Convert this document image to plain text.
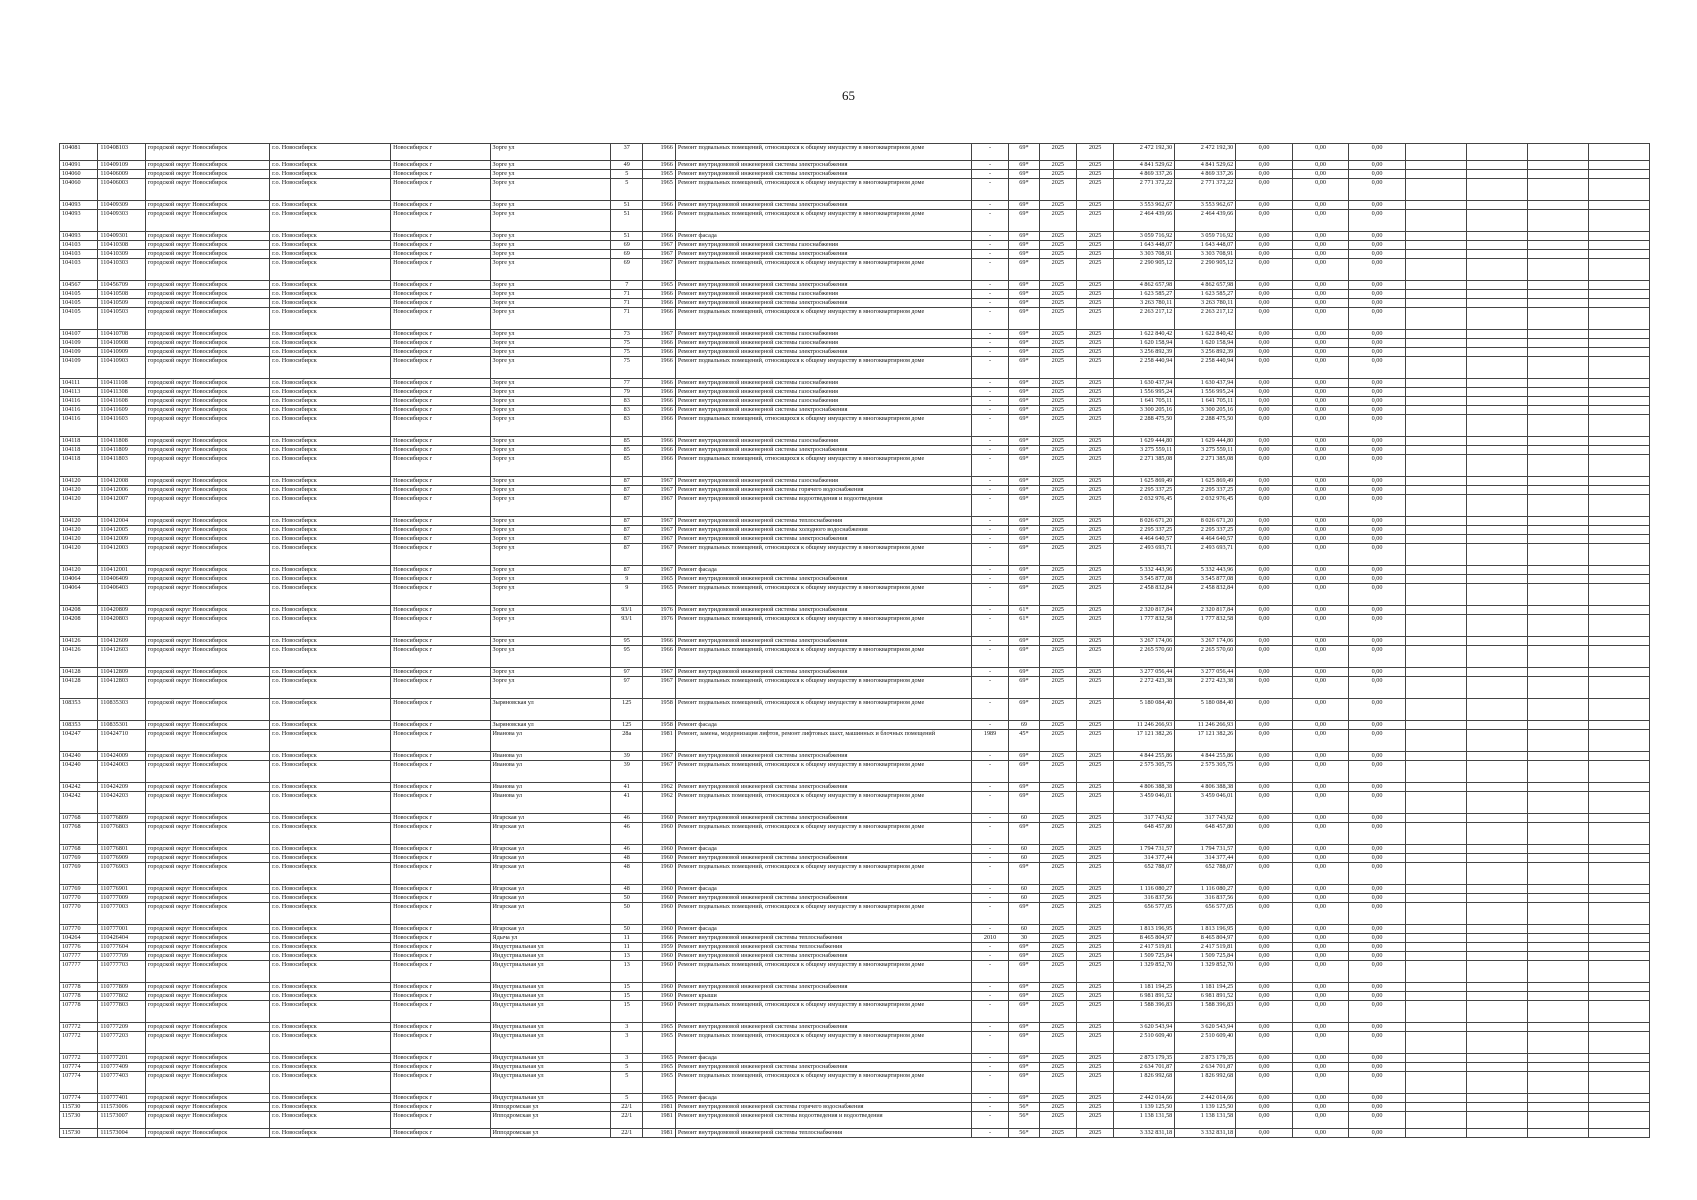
65
104081	110408103	городской округ Новосибирск	г.о. Новосибирск	Новосибирск г	Зорге ул	37	1966	Ремонт подвальных помещений, относящихся к общему имуществу в многоквартирном доме	-	69*	2025	2025	2 472 192,30	2 472 192,30	0,00	0,00	0,00				
104091	110409109	городской округ Новосибирск	г.о. Новосибирск	Новосибирск г	Зорге ул	49	1966	Ремонт внутридомовой инженерной системы электроснабжения	-	69*	2025	2025	4 841 529,62	4 841 529,62	0,00	0,00	0,00				
104060	110406009	городской округ Новосибирск	г.о. Новосибирск	Новосибирск г	Зорге ул	5	1965	Ремонт внутридомовой инженерной системы электроснабжения	-	69*	2025	2025	4 869 337,26	4 869 337,26	0,00	0,00	0,00				
104060	110406003	городской округ Новосибирск	г.о. Новосибирск	Новосибирск г	Зорге ул	5	1965	Ремонт подвальных помещений, относящихся к общему имуществу в многоквартирном доме	-	69*	2025	2025	2 771 372,22	2 771 372,22	0,00	0,00	0,00				
104093	110409309	городской округ Новосибирск	г.о. Новосибирск	Новосибирск г	Зорге ул	51	1966	Ремонт внутридомовой инженерной системы электроснабжения	-	69*	2025	2025	3 553 962,67	3 553 962,67	0,00	0,00	0,00				
104093	110409303	городской округ Новосибирск	г.о. Новосибирск	Новосибирск г	Зорге ул	51	1966	Ремонт подвальных помещений, относящихся к общему имуществу в многоквартирном доме	-	69*	2025	2025	2 464 439,66	2 464 439,66	0,00	0,00	0,00				
104093	110409301	городской округ Новосибирск	г.о. Новосибирск	Новосибирск г	Зорге ул	51	1966	Ремонт фасада	-	69*	2025	2025	3 059 716,92	3 059 716,92	0,00	0,00	0,00				
104103	110410308	городской округ Новосибирск	г.о. Новосибирск	Новосибирск г	Зорге ул	69	1967	Ремонт внутридомовой инженерной системы газоснабжения	-	69*	2025	2025	1 643 448,07	1 643 448,07	0,00	0,00	0,00				
104103	110410309	городской округ Новосибирск	г.о. Новосибирск	Новосибирск г	Зорге ул	69	1967	Ремонт внутридомовой инженерной системы электроснабжения	-	69*	2025	2025	3 303 708,91	3 303 708,91	0,00	0,00	0,00				
104103	110410303	городской округ Новосибирск	г.о. Новосибирск	Новосибирск г	Зорге ул	69	1967	Ремонт подвальных помещений, относящихся к общему имуществу в многоквартирном доме	-	69*	2025	2025	2 290 905,12	2 290 905,12	0,00	0,00	0,00				
104567	110456709	городской округ Новосибирск	г.о. Новосибирск	Новосибирск г	Зорге ул	7	1965	Ремонт внутридомовой инженерной системы электроснабжения	-	69*	2025	2025	4 862 657,98	4 862 657,98	0,00	0,00	0,00				
104105	110410508	городской округ Новосибирск	г.о. Новосибирск	Новосибирск г	Зорге ул	71	1966	Ремонт внутридомовой инженерной системы газоснабжения	-	69*	2025	2025	1 623 585,27	1 623 585,27	0,00	0,00	0,00				
104105	110410509	городской округ Новосибирск	г.о. Новосибирск	Новосибирск г	Зорге ул	71	1966	Ремонт внутридомовой инженерной системы электроснабжения	-	69*	2025	2025	3 263 780,11	3 263 780,11	0,00	0,00	0,00				
104105	110410503	городской округ Новосибирск	г.о. Новосибирск	Новосибирск г	Зорге ул	71	1966	Ремонт подвальных помещений, относящихся к общему имуществу в многоквартирном доме	-	69*	2025	2025	2 263 217,12	2 263 217,12	0,00	0,00	0,00				
104107	110410708	городской округ Новосибирск	г.о. Новосибирск	Новосибирск г	Зорге ул	73	1967	Ремонт внутридомовой инженерной системы газоснабжения	-	69*	2025	2025	1 622 840,42	1 622 840,42	0,00	0,00	0,00				
104109	110410908	городской округ Новосибирск	г.о. Новосибирск	Новосибирск г	Зорге ул	75	1966	Ремонт внутридомовой инженерной системы газоснабжения	-	69*	2025	2025	1 620 158,94	1 620 158,94	0,00	0,00	0,00				
104109	110410909	городской округ Новосибирск	г.о. Новосибирск	Новосибирск г	Зорге ул	75	1966	Ремонт внутридомовой инженерной системы электроснабжения	-	69*	2025	2025	3 256 892,39	3 256 892,39	0,00	0,00	0,00				
104109	110410903	городской округ Новосибирск	г.о. Новосибирск	Новосибирск г	Зорге ул	75	1966	Ремонт подвальных помещений, относящихся к общему имуществу в многоквартирном доме	-	69*	2025	2025	2 258 440,94	2 258 440,94	0,00	0,00	0,00				
104111	110411108	городской округ Новосибирск	г.о. Новосибирск	Новосибирск г	Зорге ул	77	1966	Ремонт внутридомовой инженерной системы газоснабжения	-	69*	2025	2025	1 630 437,94	1 630 437,94	0,00	0,00	0,00				
104113	110411308	городской округ Новосибирск	г.о. Новосибирск	Новосибирск г	Зорге ул	79	1966	Ремонт внутридомовой инженерной системы газоснабжения	-	69*	2025	2025	1 556 995,24	1 556 995,24	0,00	0,00	0,00				
104116	110411608	городской округ Новосибирск	г.о. Новосибирск	Новосибирск г	Зорге ул	83	1966	Ремонт внутридомовой инженерной системы газоснабжения	-	69*	2025	2025	1 641 705,11	1 641 705,11	0,00	0,00	0,00				
104116	110411609	городской округ Новосибирск	г.о. Новосибирск	Новосибирск г	Зорге ул	83	1966	Ремонт внутридомовой инженерной системы электроснабжения	-	69*	2025	2025	3 300 205,16	3 300 205,16	0,00	0,00	0,00				
104116	110411603	городской округ Новосибирск	г.о. Новосибирск	Новосибирск г	Зорге ул	83	1966	Ремонт подвальных помещений, относящихся к общему имуществу в многоквартирном доме	-	69*	2025	2025	2 288 475,50	2 288 475,50	0,00	0,00	0,00				
104118	110411808	городской округ Новосибирск	г.о. Новосибирск	Новосибирск г	Зорге ул	85	1966	Ремонт внутридомовой инженерной системы газоснабжения	-	69*	2025	2025	1 629 444,80	1 629 444,80	0,00	0,00	0,00				
104118	110411809	городской округ Новосибирск	г.о. Новосибирск	Новосибирск г	Зорге ул	85	1966	Ремонт внутридомовой инженерной системы электроснабжения	-	69*	2025	2025	3 275 559,11	3 275 559,11	0,00	0,00	0,00				
104118	110411803	городской округ Новосибирск	г.о. Новосибирск	Новосибирск г	Зорге ул	85	1966	Ремонт подвальных помещений, относящихся к общему имуществу в многоквартирном доме	-	69*	2025	2025	2 271 385,08	2 271 385,08	0,00	0,00	0,00				
104120	110412008	городской округ Новосибирск	г.о. Новосибирск	Новосибирск г	Зорге ул	87	1967	Ремонт внутридомовой инженерной системы газоснабжения	-	69*	2025	2025	1 625 869,49	1 625 869,49	0,00	0,00	0,00				
104120	110412006	городской округ Новосибирск	г.о. Новосибирск	Новосибирск г	Зорге ул	87	1967	Ремонт внутридомовой инженерной системы горячего водоснабжения	-	69*	2025	2025	2 295 337,25	2 295 337,25	0,00	0,00	0,00				
104120	110412007	городской округ Новосибирск	г.о. Новосибирск	Новосибирск г	Зорге ул	87	1967	Ремонт внутридомовой инженерной системы водоотведения и водоотведения	-	69*	2025	2025	2 032 976,45	2 032 976,45	0,00	0,00	0,00				
104120	110412004	городской округ Новосибирск	г.о. Новосибирск	Новосибирск г	Зорге ул	87	1967	Ремонт внутридомовой инженерной системы теплоснабжения	-	69*	2025	2025	8 026 671,20	8 026 671,20	0,00	0,00	0,00				
104120	110412005	городской округ Новосибирск	г.о. Новосибирск	Новосибирск г	Зорге ул	87	1967	Ремонт внутридомовой инженерной системы холодного водоснабжения	-	69*	2025	2025	2 295 337,25	2 295 337,25	0,00	0,00	0,00				
104120	110412009	городской округ Новосибирск	г.о. Новосибирск	Новосибирск г	Зорге ул	87	1967	Ремонт внутридомовой инженерной системы электроснабжения	-	69*	2025	2025	4 464 640,57	4 464 640,57	0,00	0,00	0,00				
104120	110412003	городской округ Новосибирск	г.о. Новосибирск	Новосибирск г	Зорге ул	87	1967	Ремонт подвальных помещений, относящихся к общему имуществу в многоквартирном доме	-	69*	2025	2025	2 493 693,71	2 493 693,71	0,00	0,00	0,00				
104120	110412001	городской округ Новосибирск	г.о. Новосибирск	Новосибирск г	Зорге ул	87	1967	Ремонт фасада	-	69*	2025	2025	5 332 443,96	5 332 443,96	0,00	0,00	0,00				
104064	110406409	городской округ Новосибирск	г.о. Новосибирск	Новосибирск г	Зорге ул	9	1965	Ремонт внутридомовой инженерной системы электроснабжения	-	69*	2025	2025	3 545 877,08	3 545 877,08	0,00	0,00	0,00				
104064	110406403	городской округ Новосибирск	г.о. Новосибирск	Новосибирск г	Зорге ул	9	1965	Ремонт подвальных помещений, относящихся к общему имуществу в многоквартирном доме	-	69*	2025	2025	2 458 832,84	2 458 832,84	0,00	0,00	0,00				
104208	110420809	городской округ Новосибирск	г.о. Новосибирск	Новосибирск г	Зорге ул	93/1	1976	Ремонт внутридомовой инженерной системы электроснабжения	-	61*	2025	2025	2 320 817,84	2 320 817,84	0,00	0,00	0,00				
104208	110420803	городской округ Новосибирск	г.о. Новосибирск	Новосибирск г	Зорге ул	93/1	1976	Ремонт подвальных помещений, относящихся к общему имуществу в многоквартирном доме	-	61*	2025	2025	1 777 832,58	1 777 832,58	0,00	0,00	0,00				
104126	110412609	городской округ Новосибирск	г.о. Новосибирск	Новосибирск г	Зорге ул	95	1966	Ремонт внутридомовой инженерной системы электроснабжения	-	69*	2025	2025	3 267 174,06	3 267 174,06	0,00	0,00	0,00				
104126	110412603	городской округ Новосибирск	г.о. Новосибирск	Новосибирск г	Зорге ул	95	1966	Ремонт подвальных помещений, относящихся к общему имуществу в многоквартирном доме	-	69*	2025	2025	2 265 570,60	2 265 570,60	0,00	0,00	0,00				
104128	110412809	городской округ Новосибирск	г.о. Новосибирск	Новосибирск г	Зорге ул	97	1967	Ремонт внутридомовой инженерной системы электроснабжения	-	69*	2025	2025	3 277 056,44	3 277 056,44	0,00	0,00	0,00				
104128	110412803	городской округ Новосибирск	г.о. Новосибирск	Новосибирск г	Зорге ул	97	1967	Ремонт подвальных помещений, относящихся к общему имуществу в многоквартирном доме	-	69*	2025	2025	2 272 423,38	2 272 423,38	0,00	0,00	0,00				
108353	110835303	городской округ Новосибирск	г.о. Новосибирск	Новосибирск г	Зыряновская ул	125	1958	Ремонт подвальных помещений, относящихся к общему имуществу в многоквартирном доме	-	69*	2025	2025	5 180 084,40	5 180 084,40	0,00	0,00	0,00				
108353	110835301	городской округ Новосибирск	г.о. Новосибирск	Новосибирск г	Зыряновская ул	125	1958	Ремонт фасада	-	69	2025	2025	11 246 266,93	11 246 266,93	0,00	0,00	0,00				
104247	110424710	городской округ Новосибирск	г.о. Новосибирск	Новосибирск г	Иванова ул	28а	1981	Ремонт, замена, модернизация лифтов, ремонт лифтовых шахт, машинных и блочных помещений	1989	45*	2025	2025	17 121 382,26	17 121 382,26	0,00	0,00	0,00				
104240	110424009	городской округ Новосибирск	г.о. Новосибирск	Новосибирск г	Иванова ул	39	1967	Ремонт внутридомовой инженерной системы электроснабжения	-	69*	2025	2025	4 844 255,86	4 844 255,86	0,00	0,00	0,00				
104240	110424003	городской округ Новосибирск	г.о. Новосибирск	Новосибирск г	Иванова ул	39	1967	Ремонт подвальных помещений, относящихся к общему имуществу в многоквартирном доме	-	69*	2025	2025	2 575 305,75	2 575 305,75	0,00	0,00	0,00				
104242	110424209	городской округ Новосибирск	г.о. Новосибирск	Новосибирск г	Иванова ул	41	1962	Ремонт внутридомовой инженерной системы электроснабжения	-	69*	2025	2025	4 806 388,38	4 806 388,38	0,00	0,00	0,00				
104242	110424203	городской округ Новосибирск	г.о. Новосибирск	Новосибирск г	Иванова ул	41	1962	Ремонт подвальных помещений, относящихся к общему имуществу в многоквартирном доме	-	69*	2025	2025	3 459 046,01	3 459 046,01	0,00	0,00	0,00				
107768	110776809	городской округ Новосибирск	г.о. Новосибирск	Новосибирск г	Игарская ул	46	1960	Ремонт внутридомовой инженерной системы электроснабжения	-	60	2025	2025	317 743,92	317 743,92	0,00	0,00	0,00				
107768	110776803	городской округ Новосибирск	г.о. Новосибирск	Новосибирск г	Игарская ул	46	1960	Ремонт подвальных помещений, относящихся к общему имуществу в многоквартирном доме	-	69*	2025	2025	648 457,80	648 457,80	0,00	0,00	0,00				
107768	110776801	городской округ Новосибирск	г.о. Новосибирск	Новосибирск г	Игарская ул	46	1960	Ремонт фасада	-	60	2025	2025	1 794 731,57	1 794 731,57	0,00	0,00	0,00				
107769	110776909	городской округ Новосибирск	г.о. Новосибирск	Новосибирск г	Игарская ул	48	1960	Ремонт внутридомовой инженерной системы электроснабжения	-	60	2025	2025	314 377,44	314 377,44	0,00	0,00	0,00				
107769	110776903	городской округ Новосибирск	г.о. Новосибирск	Новосибирск г	Игарская ул	48	1960	Ремонт подвальных помещений, относящихся к общему имуществу в многоквартирном доме	-	69*	2025	2025	652 788,07	652 788,07	0,00	0,00	0,00				
107769	110776901	городской округ Новосибирск	г.о. Новосибирск	Новосибирск г	Игарская ул	48	1960	Ремонт фасада	-	60	2025	2025	1 116 080,27	1 116 080,27	0,00	0,00	0,00				
107770	110777009	городской округ Новосибирск	г.о. Новосибирск	Новосибирск г	Игарская ул	50	1960	Ремонт внутридомовой инженерной системы электроснабжения	-	60	2025	2025	316 837,56	316 837,56	0,00	0,00	0,00				
107770	110777003	городской округ Новосибирск	г.о. Новосибирск	Новосибирск г	Игарская ул	50	1960	Ремонт подвальных помещений, относящихся к общему имуществу в многоквартирном доме	-	69*	2025	2025	656 577,05	656 577,05	0,00	0,00	0,00				
107770	110777001	городской округ Новосибирск	г.о. Новосибирск	Новосибирск г	Игарская ул	50	1960	Ремонт фасада	-	60	2025	2025	1 813 196,95	1 813 196,95	0,00	0,00	0,00				
104264	110426404	городской округ Новосибирск	г.о. Новосибирск	Новосибирск г	Ядыча ул	11	1966	Ремонт внутридомовой инженерной системы теплоснабжения	2010	30	2025	2025	8 465 804,97	8 465 804,97	0,00	0,00	0,00				
107776	110777604	городской округ Новосибирск	г.о. Новосибирск	Новосибирск г	Индустриальная ул	11	1959	Ремонт внутридомовой инженерной системы теплоснабжения	-	69*	2025	2025	2 417 519,81	2 417 519,81	0,00	0,00	0,00				
107777	110777709	городской округ Новосибирск	г.о. Новосибирск	Новосибирск г	Индустриальная ул	13	1960	Ремонт внутридомовой инженерной системы электроснабжения	-	69*	2025	2025	1 509 725,84	1 509 725,84	0,00	0,00	0,00				
107777	110777703	городской округ Новосибирск	г.о. Новосибирск	Новосибирск г	Индустриальная ул	13	1960	Ремонт подвальных помещений, относящихся к общему имуществу в многоквартирном доме	-	69*	2025	2025	1 329 852,70	1 329 852,70	0,00	0,00	0,00				
107778	110777809	городской округ Новосибирск	г.о. Новосибирск	Новосибирск г	Индустриальная ул	15	1960	Ремонт внутридомовой инженерной системы электроснабжения	-	69*	2025	2025	1 181 194,25	1 181 194,25	0,00	0,00	0,00				
107778	110777802	городской округ Новосибирск	г.о. Новосибирск	Новосибирск г	Индустриальная ул	15	1960	Ремонт крыши	-	69*	2025	2025	6 981 891,52	6 981 891,52	0,00	0,00	0,00				
107778	110777803	городской округ Новосибирск	г.о. Новосибирск	Новосибирск г	Индустриальная ул	15	1960	Ремонт подвальных помещений, относящихся к общему имуществу в многоквартирном доме	-	69*	2025	2025	1 588 396,83	1 588 396,83	0,00	0,00	0,00				
107772	110777209	городской округ Новосибирск	г.о. Новосибирск	Новосибирск г	Индустриальная ул	3	1965	Ремонт внутридомовой инженерной системы электроснабжения	-	69*	2025	2025	3 620 543,94	3 620 543,94	0,00	0,00	0,00				
107772	110777203	городской округ Новосибирск	г.о. Новосибирск	Новосибирск г	Индустриальная ул	3	1965	Ремонт подвальных помещений, относящихся к общему имуществу в многоквартирном доме	-	69*	2025	2025	2 510 609,40	2 510 609,40	0,00	0,00	0,00				
107772	110777201	городской округ Новосибирск	г.о. Новосибирск	Новосибирск г	Индустриальная ул	3	1965	Ремонт фасада	-	69*	2025	2025	2 873 179,35	2 873 179,35	0,00	0,00	0,00				
107774	110777409	городской округ Новосибирск	г.о. Новосибирск	Новосибирск г	Индустриальная ул	5	1965	Ремонт внутридомовой инженерной системы электроснабжения	-	69*	2025	2025	2 634 701,87	2 634 701,87	0,00	0,00	0,00				
107774	110777403	городской округ Новосибирск	г.о. Новосибирск	Новосибирск г	Индустриальная ул	5	1965	Ремонт подвальных помещений, относящихся к общему имуществу в многоквартирном доме	-	69*	2025	2025	1 826 992,68	1 826 992,68	0,00	0,00	0,00				
107774	110777401	городской округ Новосибирск	г.о. Новосибирск	Новосибирск г	Индустриальная ул	5	1965	Ремонт фасада	-	69*	2025	2025	2 442 014,66	2 442 014,66	0,00	0,00	0,00				
115730	111573006	городской округ Новосибирск	г.о. Новосибирск	Новосибирск г	Ипподромская ул	22/1	1981	Ремонт внутридомовой инженерной системы горячего водоснабжения	-	56*	2025	2025	1 139 125,50	1 139 125,50	0,00	0,00	0,00				
115730	111573007	городской округ Новосибирск	г.о. Новосибирск	Новосибирск г	Ипподромская ул	22/1	1981	Ремонт внутридомовой инженерной системы водоотведения и водоотведения	-	56*	2025	2025	1 138 131,58	1 138 131,58	0,00	0,00	0,00				
115730	111573004	городской округ Новосибирск	г.о. Новосибирск	Новосибирск г	Ипподромская ул	22/1	1981	Ремонт внутридомовой инженерной системы теплоснабжения	-	56*	2025	2025	3 332 831,18	3 332 831,18	0,00	0,00	0,00				
